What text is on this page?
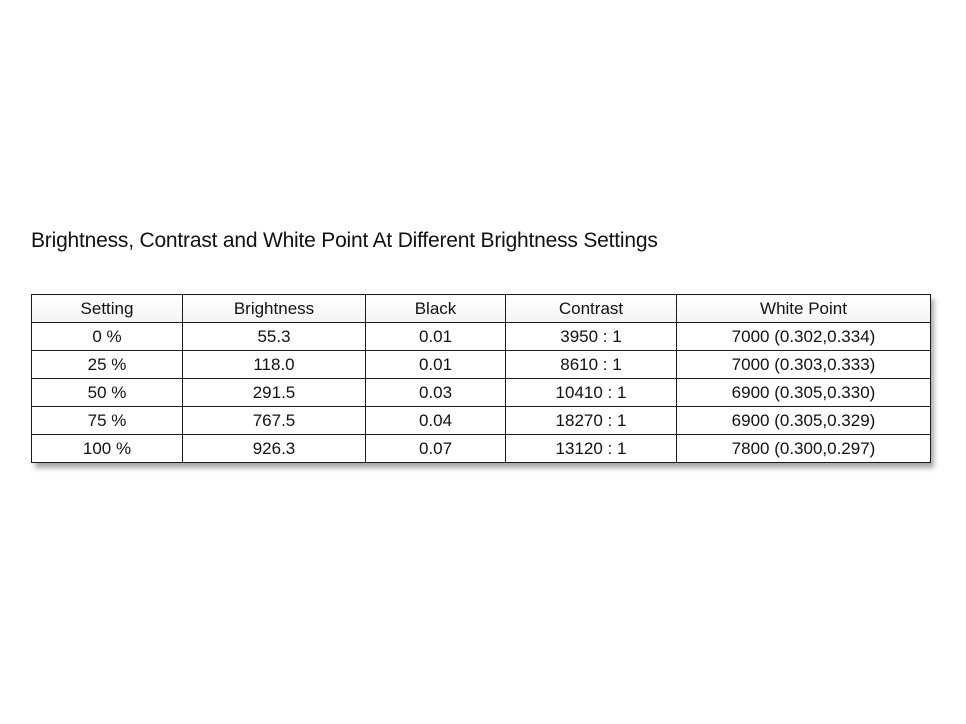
Brightness, Contrast and White Point At Different Brightness Settings
Setting	Brightness	Black	Contrast	White Point
0 %	55.3	0.01	3950 : 1	7000 (0.302,0.334)
25 %	118.0	0.01	8610 : 1	7000 (0.303,0.333)
50 %	291.5	0.03	10410 : 1	6900 (0.305,0.330)
75 %	767.5	0.04	18270 : 1	6900 (0.305,0.329)
100 %	926.3	0.07	13120 : 1	7800 (0.300,0.297)
